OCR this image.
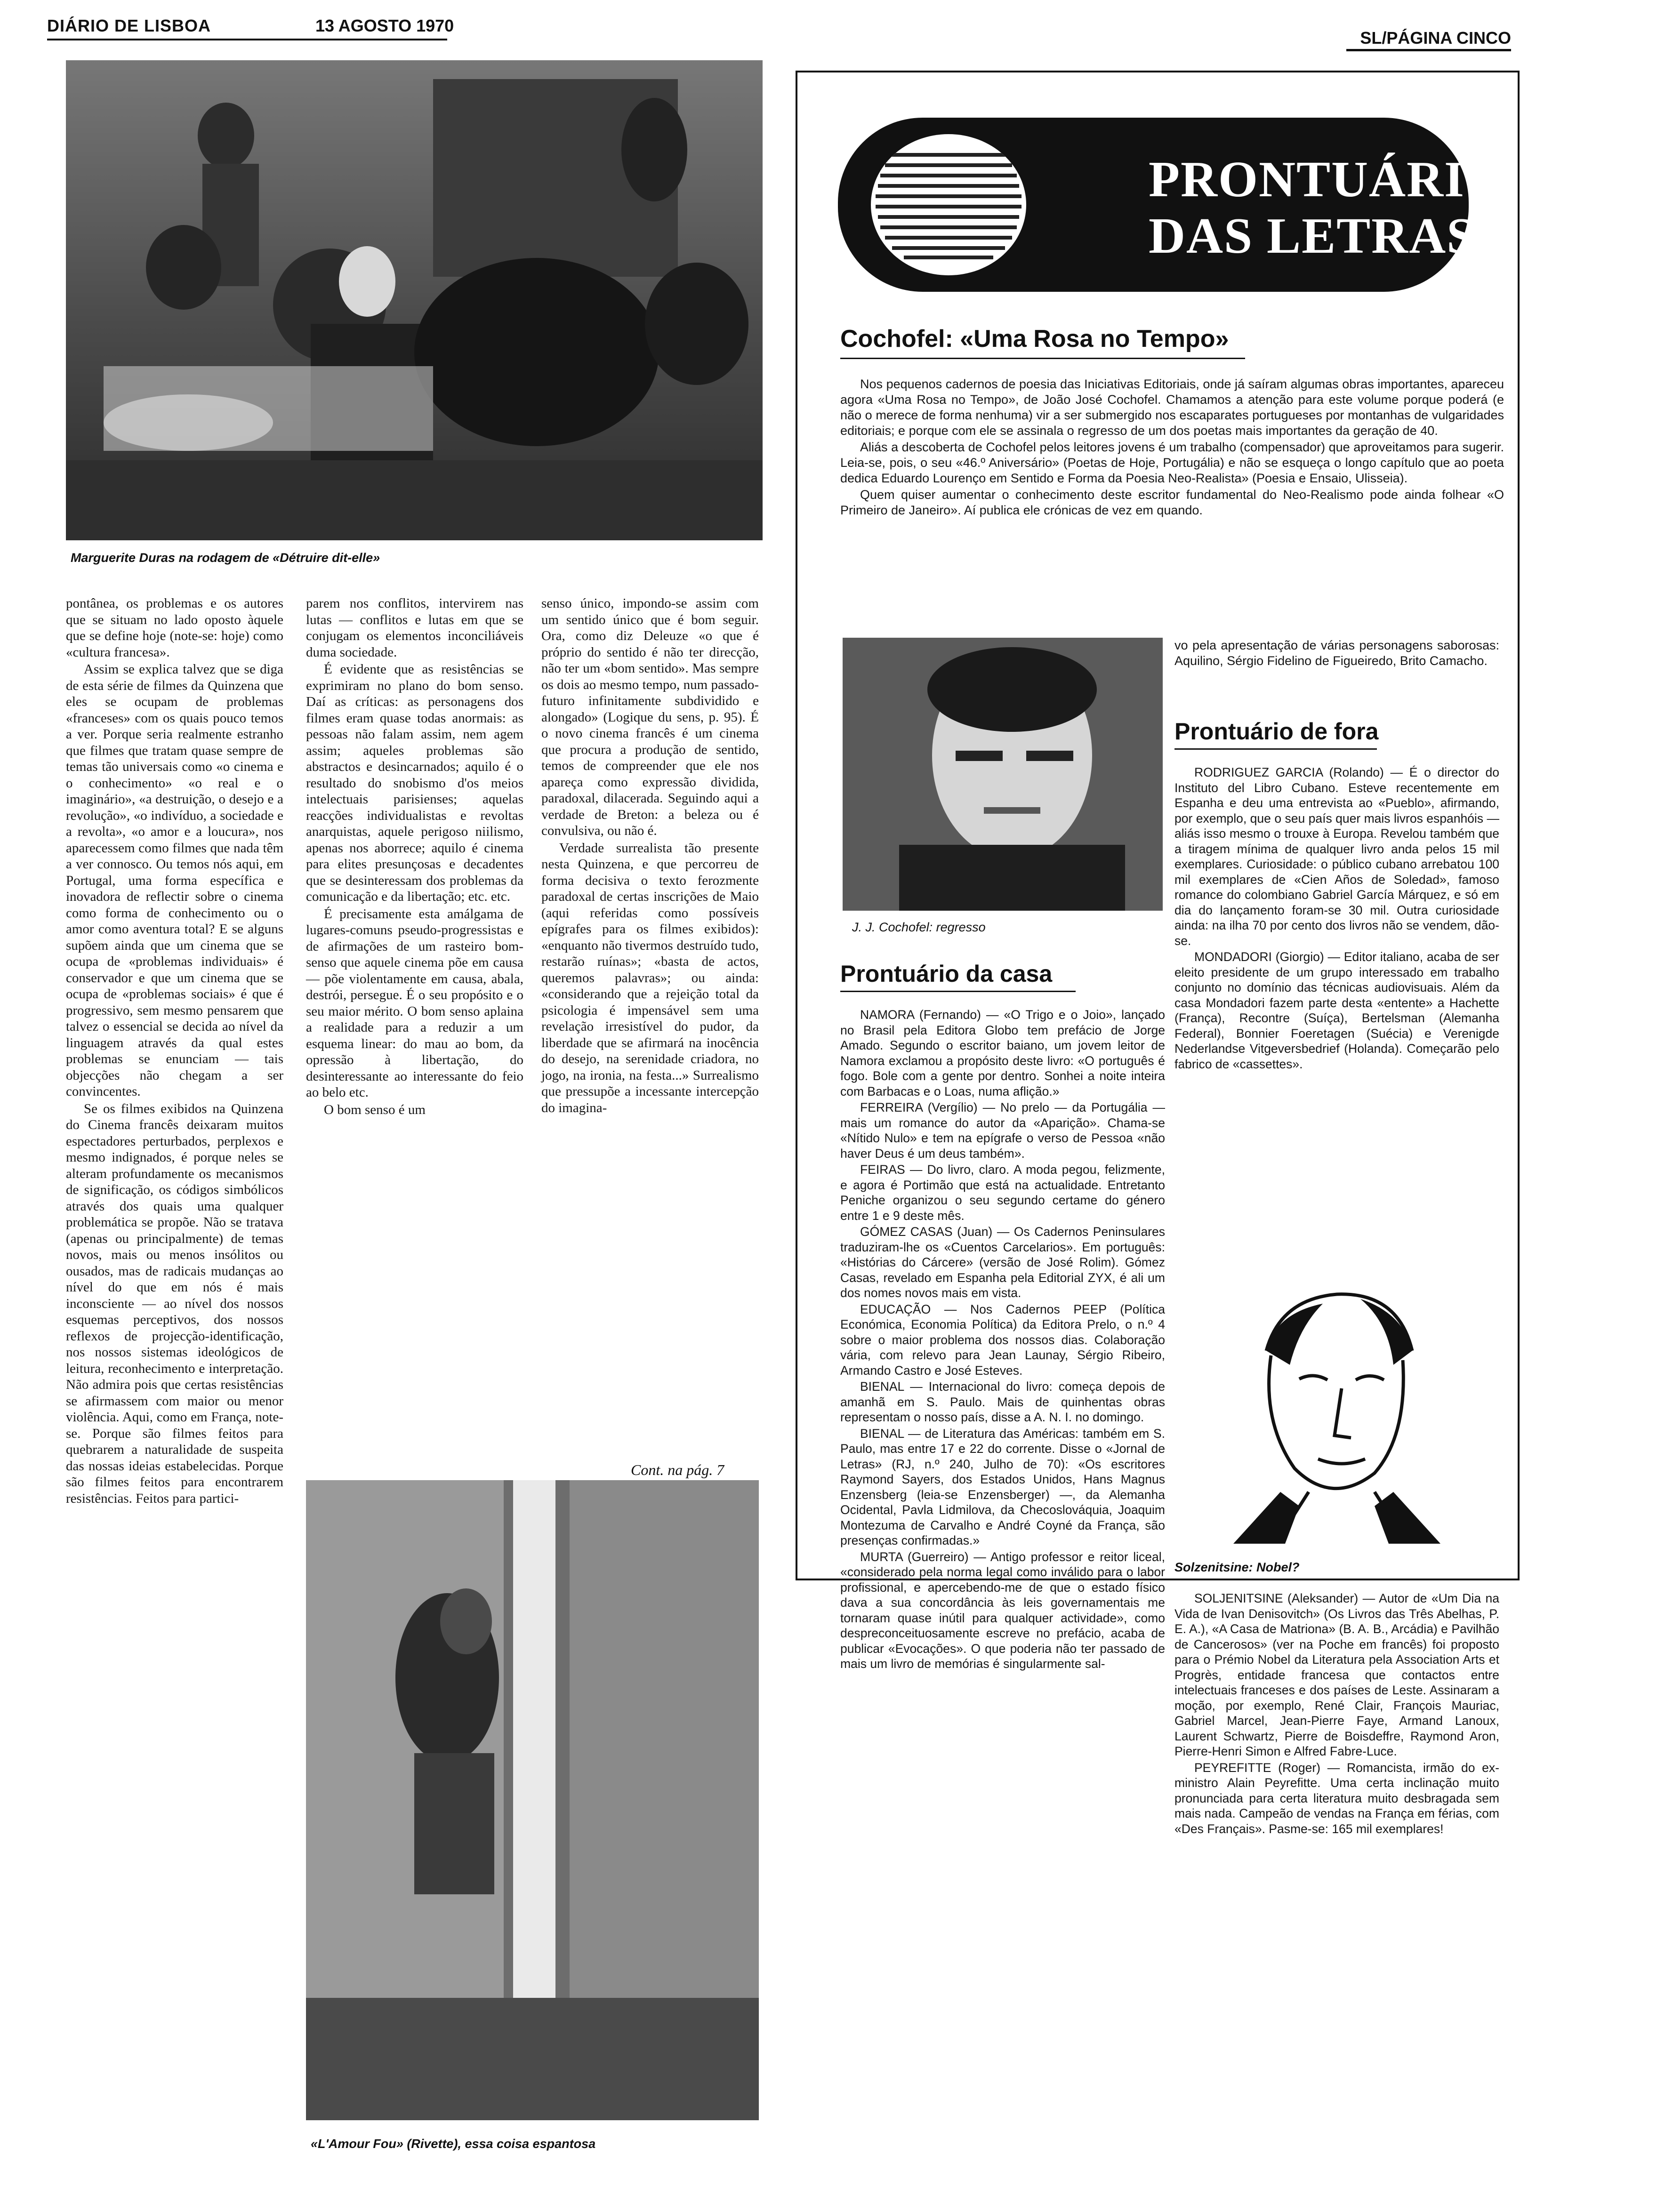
DIÁRIO DE LISBOA	13 AGOSTO 1970
SL/PÁGINA CINCO
Marguerite Duras na rodagem de «Détruire dit-elle»

pontânea, os problemas e os autores que se situam no lado oposto àquele que se define hoje (note-se: hoje) como «cultura francesa».

Assim se explica talvez que se diga de esta série de filmes da Quinzena que eles se ocupam de problemas «franceses» com os quais pouco temos a ver. Porque seria realmente estranho que filmes que tratam quase sempre de temas tão universais como «o cinema e o conhecimento» «o real e o imaginário», «a destruição, o desejo e a revolução», «o indivíduo, a sociedade e a revolta», «o amor e a loucura», nos aparecessem como filmes que nada têm a ver connosco. Ou temos nós aqui, em Portugal, uma forma específica e inovadora de reflectir sobre o cinema como forma de conhecimento ou o amor como aventura total? E se alguns supõem ainda que um cinema que se ocupa de «problemas individuais» é conservador e que um cinema que se ocupa de «problemas sociais» é que é progressivo, sem mesmo pensarem que talvez o essencial se decida ao nível da linguagem através da qual estes problemas se enunciam — tais objecções não chegam a ser convincentes.

Se os filmes exibidos na Quinzena do Cinema francês deixaram muitos espectadores perturbados, perplexos e mesmo indignados, é porque neles se alteram profundamente os mecanismos de significação, os códigos simbólicos através dos quais uma qualquer problemática se propõe. Não se tratava (apenas ou principalmente) de temas novos, mais ou menos insólitos ou ousados, mas de radicais mudanças ao nível do que em nós é mais inconsciente — ao nível dos nossos esquemas perceptivos, dos nossos reflexos de projecção-identificação, nos nossos sistemas ideológicos de leitura, reconhecimento e interpretação. Não admira pois que certas resistências se afirmassem com maior ou menor violência. Aqui, como em França, note-se. Porque são filmes feitos para quebrarem a naturalidade de suspeita das nossas ideias estabelecidas. Porque são filmes feitos para encontrarem resistências. Feitos para partici-

parem nos conflitos, intervirem nas lutas — conflitos e lutas em que se conjugam os elementos inconciliáveis duma sociedade.

É evidente que as resistências se exprimiram no plano do bom senso. Daí as críticas: as personagens dos filmes eram quase todas anormais: as pessoas não falam assim, nem agem assim; aqueles problemas são abstractos e desincarnados; aquilo é o resultado do snobismo d'os meios intelectuais parisienses; aquelas reacções individualistas e revoltas anarquistas, aquele perigoso niilismo, apenas nos aborrece; aquilo é cinema para elites presunçosas e decadentes que se desinteressam dos problemas da comunicação e da libertação; etc. etc.

É precisamente esta amálgama de lugares-comuns pseudo-progressistas e de afirmações de um rasteiro bom-senso que aquele cinema põe em causa — põe violentamente em causa, abala, destrói, persegue. É o seu propósito e o seu maior mérito. O bom senso aplaina a realidade para a reduzir a um esquema linear: do mau ao bom, da opressão à libertação, do desinteressante ao interessante do feio ao belo etc.

O bom senso é um

senso único, impondo-se assim com um sentido único que é bom seguir. Ora, como diz Deleuze «o que é próprio do sentido é não ter direcção, não ter um «bom sentido». Mas sempre os dois ao mesmo tempo, num passado-futuro infinitamente subdividido e alongado» (Logique du sens, p. 95). É o novo cinema francês é um cinema que procura a produção de sentido, temos de compreender que ele nos apareça como expressão dividida, paradoxal, dilacerada. Seguindo aqui a verdade de Breton: a beleza ou é convulsiva, ou não é.

Verdade surrealista tão presente nesta Quinzena, e que percorreu de forma decisiva o texto ferozmente paradoxal de certas inscrições de Maio (aqui referidas como possíveis epígrafes para os filmes exibidos): «enquanto não tivermos destruído tudo, restarão ruínas»; «basta de actos, queremos palavras»; ou ainda: «considerando que a rejeição total da psicologia é impensável sem uma revelação irresistível do pudor, da liberdade que se afirmará na inocência do desejo, na serenidade criadora, no jogo, na ironia, na festa...» Surrealismo que pressupõe a incessante intercepção do imagina-

Cont. na pág. 7
«L'Amour Fou» (Rivette), essa coisa espantosa
PRONTUÁRIO
DAS LETRAS
Cochofel: «Uma Rosa no Tempo»

Nos pequenos cadernos de poesia das Iniciativas Editoriais, onde já saíram algumas obras importantes, apareceu agora «Uma Rosa no Tempo», de João José Cochofel. Chamamos a atenção para este volume porque poderá (e não o merece de forma nenhuma) vir a ser submergido nos escaparates portugueses por montanhas de vulgaridades editoriais; e porque com ele se assinala o regresso de um dos poetas mais importantes da geração de 40.

Aliás a descoberta de Cochofel pelos leitores jovens é um trabalho (compensador) que aproveitamos para sugerir. Leia-se, pois, o seu «46.º Aniversário» (Poetas de Hoje, Portugália) e não se esqueça o longo capítulo que ao poeta dedica Eduardo Lourenço em Sentido e Forma da Poesia Neo-Realista» (Poesia e Ensaio, Ulisseia).

Quem quiser aumentar o conhecimento deste escritor fundamental do Neo-Realismo pode ainda folhear «O Primeiro de Janeiro». Aí publica ele crónicas de vez em quando.

J. J. Cochofel: regresso
Prontuário da casa

NAMORA (Fernando) — «O Trigo e o Joio», lançado no Brasil pela Editora Globo tem prefácio de Jorge Amado. Segundo o escritor baiano, um jovem leitor de Namora exclamou a propósito deste livro: «O português é fogo. Bole com a gente por dentro. Sonhei a noite inteira com Barbacas e o Loas, numa aflição.»

FERREIRA (Vergílio) — No prelo — da Portugália — mais um romance do autor da «Aparição». Chama-se «Nítido Nulo» e tem na epígrafe o verso de Pessoa «não haver Deus é um deus também».

FEIRAS — Do livro, claro. A moda pegou, felizmente, e agora é Portimão que está na actualidade. Entretanto Peniche organizou o seu segundo certame do género entre 1 e 9 deste mês.

GÓMEZ CASAS (Juan) — Os Cadernos Peninsulares traduziram-lhe os «Cuentos Carcelarios». Em português: «Histórias do Cárcere» (versão de José Rolim). Gómez Casas, revelado em Espanha pela Editorial ZYX, é ali um dos nomes novos mais em vista.

EDUCAÇÃO — Nos Cadernos PEEP (Política Económica, Economia Política) da Editora Prelo, o n.º 4 sobre o maior problema dos nossos dias. Colaboração vária, com relevo para Jean Launay, Sérgio Ribeiro, Armando Castro e José Esteves.

BIENAL — Internacional do livro: começa depois de amanhã em S. Paulo. Mais de quinhentas obras representam o nosso país, disse a A. N. I. no domingo.

BIENAL — de Literatura das Américas: também em S. Paulo, mas entre 17 e 22 do corrente. Disse o «Jornal de Letras» (RJ, n.º 240, Julho de 70): «Os escritores Raymond Sayers, dos Estados Unidos, Hans Magnus Enzensberg (leia-se Enzensberger) —, da Alemanha Ocidental, Pavla Lidmilova, da Checoslováquia, Joaquim Montezuma de Carvalho e André Coyné da França, são presenças confirmadas.»

MURTA (Guerreiro) — Antigo professor e reitor liceal, «considerado pela norma legal como inválido para o labor profissional, e apercebendo-me de que o estado físico dava a sua concordância às leis governamentais me tornaram quase inútil para qualquer actividade», como despreconceituosamente escreve no prefácio, acaba de publicar «Evocações». O que poderia não ter passado de mais um livro de memórias é singularmente sal-

vo pela apresentação de várias personagens saborosas: Aquilino, Sérgio Fidelino de Figueiredo, Brito Camacho.

Prontuário de fora

RODRIGUEZ GARCIA (Rolando) — É o director do Instituto del Libro Cubano. Esteve recentemente em Espanha e deu uma entrevista ao «Pueblo», afirmando, por exemplo, que o seu país quer mais livros espanhóis — aliás isso mesmo o trouxe à Europa. Revelou também que a tiragem mínima de qualquer livro anda pelos 15 mil exemplares. Curiosidade: o público cubano arrebatou 100 mil exemplares de «Cien Años de Soledad», famoso romance do colombiano Gabriel García Márquez, e só em dia do lançamento foram-se 30 mil. Outra curiosidade ainda: na ilha 70 por cento dos livros não se vendem, dão-se.

MONDADORI (Giorgio) — Editor italiano, acaba de ser eleito presidente de um grupo interessado em trabalho conjunto no domínio das técnicas audiovisuais. Além da casa Mondadori fazem parte desta «entente» a Hachette (França), Recontre (Suíça), Bertelsman (Alemanha Federal), Bonnier Foeretagen (Suécia) e Verenigde Nederlandse Vitgeversbedrief (Holanda). Começarão pelo fabrico de «cassettes».

Solzenitsine: Nobel?

SOLJENITSINE (Aleksander) — Autor de «Um Dia na Vida de Ivan Denisovitch» (Os Livros das Três Abelhas, P. E. A.), «A Casa de Matriona» (B. A. B., Arcádia) e Pavilhão de Cancerosos» (ver na Poche em francês) foi proposto para o Prémio Nobel da Literatura pela Association Arts et Progrès, entidade francesa que contactos entre intelectuais franceses e dos países de Leste. Assinaram a moção, por exemplo, René Clair, François Mauriac, Gabriel Marcel, Jean-Pierre Faye, Armand Lanoux, Laurent Schwartz, Pierre de Boisdeffre, Raymond Aron, Pierre-Henri Simon e Alfred Fabre-Luce.

PEYREFITTE (Roger) — Romancista, irmão do ex-ministro Alain Peyrefitte. Uma certa inclinação muito pronunciada para certa literatura muito desbragada sem mais nada. Campeão de vendas na França em férias, com «Des Français». Pasme-se: 165 mil exemplares!
